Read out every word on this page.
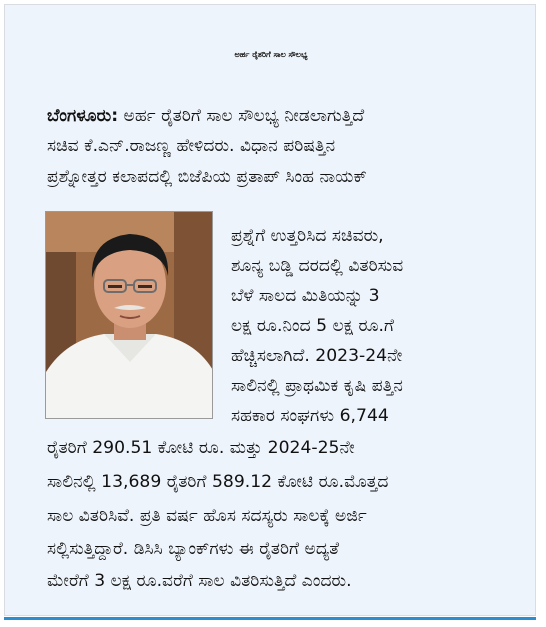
ಅರ್ಹ ರೈತರಿಗೆ ಸಾಲ ಸೌಲಭ್ಯ
ಬೆಂಗಳೂರು: ಅರ್ಹ ರೈತರಿಗೆ ಸಾಲ ಸೌಲಭ್ಯ ನೀಡಲಾಗುತ್ತಿದೆ
ಸಚಿವ ಕೆ.ಎನ್.ರಾಜಣ್ಣ ಹೇಳಿದರು. ವಿಧಾನ ಪರಿಷತ್ತಿನ
ಪ್ರಶ್ನೋತ್ತರ ಕಲಾಪದಲ್ಲಿ ಬಿಜೆಪಿಯ ಪ್ರತಾಪ್ ಸಿಂಹ ನಾಯಕ್
ಪ್ರಶ್ನೆಗೆ ಉತ್ತರಿಸಿದ ಸಚಿವರು,
ಶೂನ್ಯ ಬಡ್ಡಿ ದರದಲ್ಲಿ ವಿತರಿಸುವ
ಬೆಳೆ ಸಾಲದ ಮಿತಿಯನ್ನು 3
ಲಕ್ಷ ರೂ.ನಿಂದ 5 ಲಕ್ಷ ರೂ.ಗೆ
ಹೆಚ್ಚಿಸಲಾಗಿದೆ. 2023-24ನೇ
ಸಾಲಿನಲ್ಲಿ ಪ್ರಾಥಮಿಕ ಕೃಷಿ ಪತ್ತಿನ
ಸಹಕಾರ ಸಂಘಗಳು 6,744
ರೈತರಿಗೆ 290.51 ಕೋಟಿ ರೂ. ಮತ್ತು 2024-25ನೇ
ಸಾಲಿನಲ್ಲಿ 13,689 ರೈತರಿಗೆ 589.12 ಕೋಟಿ ರೂ.ಮೊತ್ತದ
ಸಾಲ ವಿತರಿಸಿವೆ. ಪ್ರತಿ ವರ್ಷ ಹೊಸ ಸದಸ್ಯರು ಸಾಲಕ್ಕೆ ಅರ್ಜಿ
ಸಲ್ಲಿಸುತ್ತಿದ್ದಾರೆ. ಡಿಸಿಸಿ ಬ್ಯಾಂಕ್‌ಗಳು ಈ ರೈತರಿಗೆ ಅದ್ಯತೆ
ಮೇರೆಗೆ 3 ಲಕ್ಷ ರೂ.ವರೆಗೆ ಸಾಲ ವಿತರಿಸುತ್ತಿದೆ ಎಂದರು.
